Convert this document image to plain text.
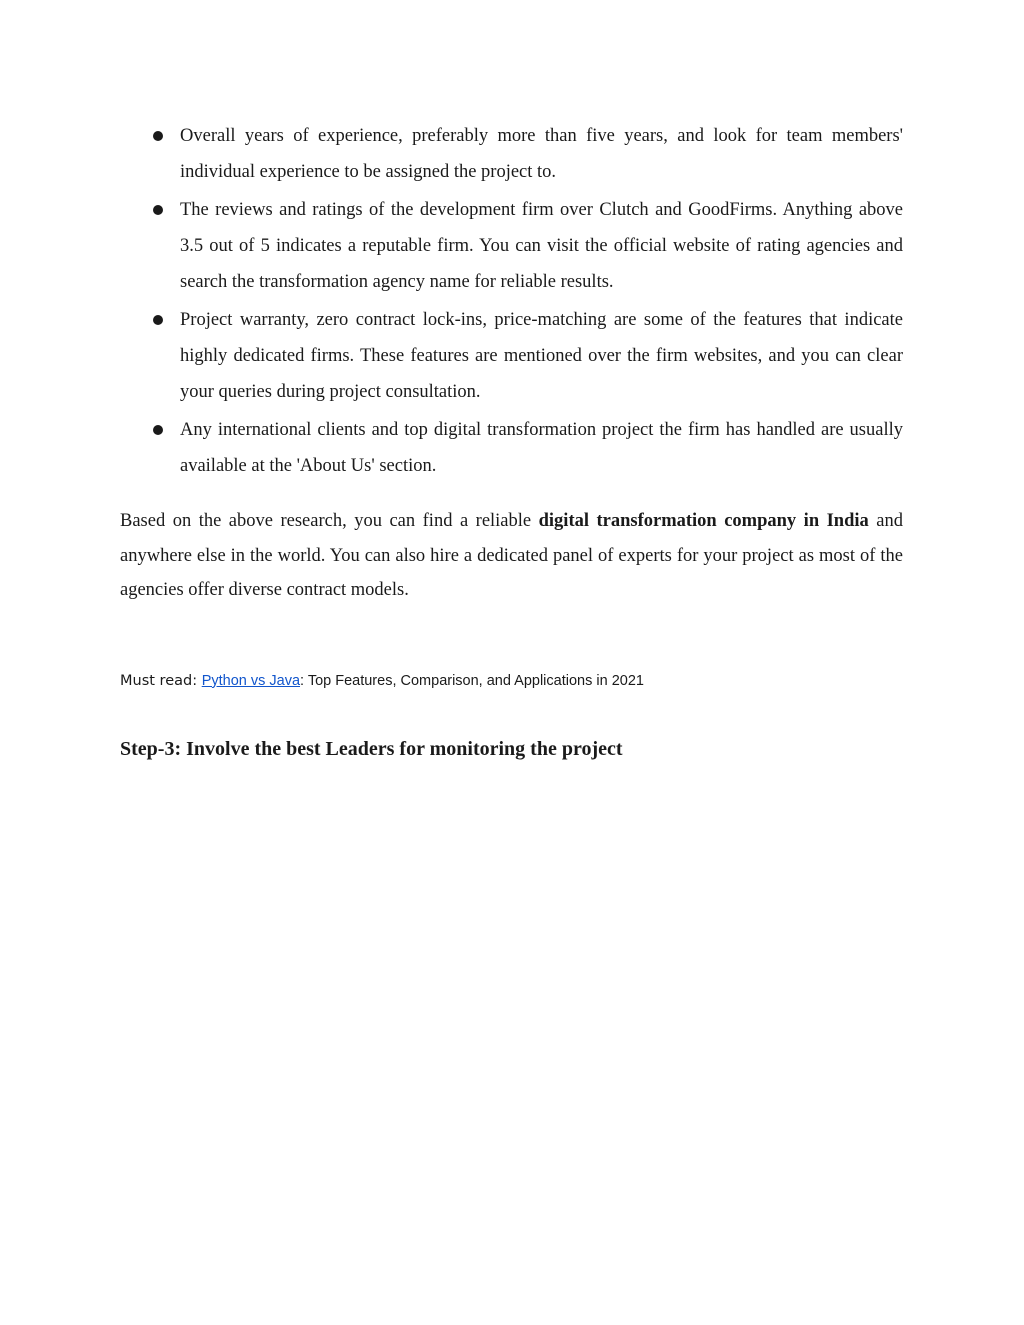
Overall years of experience, preferably more than five years, and look for team members' individual experience to be assigned the project to.
The reviews and ratings of the development firm over Clutch and GoodFirms. Anything above 3.5 out of 5 indicates a reputable firm. You can visit the official website of rating agencies and search the transformation agency name for reliable results.
Project warranty, zero contract lock-ins, price-matching are some of the features that indicate highly dedicated firms. These features are mentioned over the firm websites, and you can clear your queries during project consultation.
Any international clients and top digital transformation project the firm has handled are usually available at the 'About Us' section.

Based on the above research, you can find a reliable digital transformation company in India and anywhere else in the world. You can also hire a dedicated panel of experts for your project as most of the agencies offer diverse contract models.

Must read: Python vs Java: Top Features, Comparison, and Applications in 2021
Step-3: Involve the best Leaders for monitoring the project
